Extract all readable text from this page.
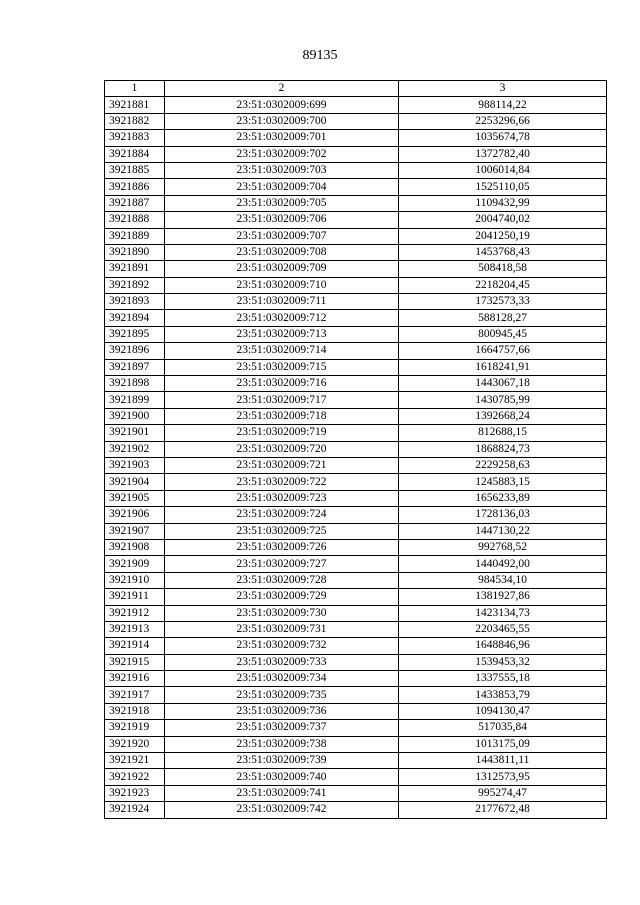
89135
1	2	3
3921881	23:51:0302009:699	988114,22
3921882	23:51:0302009:700	2253296,66
3921883	23:51:0302009:701	1035674,78
3921884	23:51:0302009:702	1372782,40
3921885	23:51:0302009:703	1006014,84
3921886	23:51:0302009:704	1525110,05
3921887	23:51:0302009:705	1109432,99
3921888	23:51:0302009:706	2004740,02
3921889	23:51:0302009:707	2041250,19
3921890	23:51:0302009:708	1453768,43
3921891	23:51:0302009:709	508418,58
3921892	23:51:0302009:710	2218204,45
3921893	23:51:0302009:711	1732573,33
3921894	23:51:0302009:712	588128,27
3921895	23:51:0302009:713	800945,45
3921896	23:51:0302009:714	1664757,66
3921897	23:51:0302009:715	1618241,91
3921898	23:51:0302009:716	1443067,18
3921899	23:51:0302009:717	1430785,99
3921900	23:51:0302009:718	1392668,24
3921901	23:51:0302009:719	812688,15
3921902	23:51:0302009:720	1868824,73
3921903	23:51:0302009:721	2229258,63
3921904	23:51:0302009:722	1245883,15
3921905	23:51:0302009:723	1656233,89
3921906	23:51:0302009:724	1728136,03
3921907	23:51:0302009:725	1447130,22
3921908	23:51:0302009:726	992768,52
3921909	23:51:0302009:727	1440492,00
3921910	23:51:0302009:728	984534,10
3921911	23:51:0302009:729	1381927,86
3921912	23:51:0302009:730	1423134,73
3921913	23:51:0302009:731	2203465,55
3921914	23:51:0302009:732	1648846,96
3921915	23:51:0302009:733	1539453,32
3921916	23:51:0302009:734	1337555,18
3921917	23:51:0302009:735	1433853,79
3921918	23:51:0302009:736	1094130,47
3921919	23:51:0302009:737	517035,84
3921920	23:51:0302009:738	1013175,09
3921921	23:51:0302009:739	1443811,11
3921922	23:51:0302009:740	1312573,95
3921923	23:51:0302009:741	995274,47
3921924	23:51:0302009:742	2177672,48
